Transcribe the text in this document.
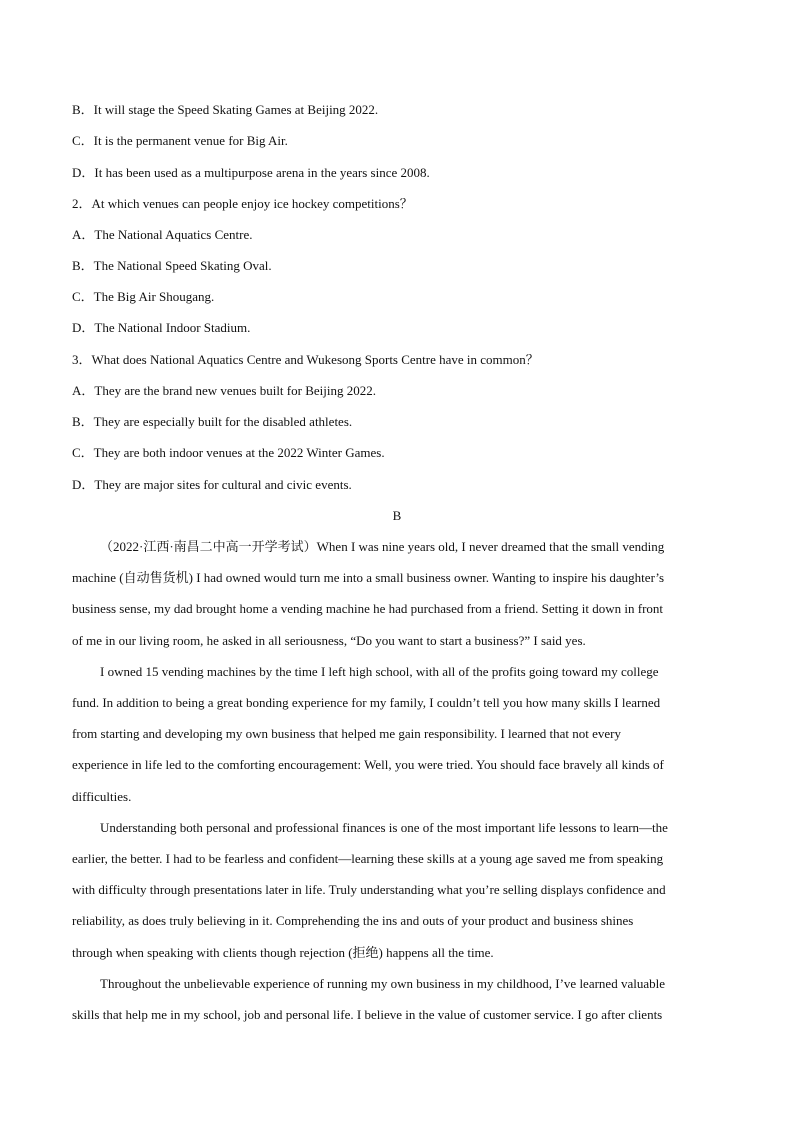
B．It will stage the Speed Skating Games at Beijing 2022.
C．It is the permanent venue for Big Air.
D．It has been used as a multipurpose arena in the years since 2008.
2．At which venues can people enjoy ice hockey competitions？
A．The National Aquatics Centre.
B．The National Speed Skating Oval.
C．The Big Air Shougang.
D．The National Indoor Stadium.
3．What does National Aquatics Centre and Wukesong Sports Centre have in common？
A．They are the brand new venues built for Beijing 2022.
B．They are especially built for the disabled athletes.
C．They are both indoor venues at the 2022 Winter Games.
D．They are major sites for cultural and civic events.
B
（2022·江西·南昌二中高一开学考试）When I was nine years old, I never dreamed that the small vending
machine (自动售货机) I had owned would turn me into a small business owner. Wanting to inspire his daughter’s
business sense, my dad brought home a vending machine he had purchased from a friend. Setting it down in front
of me in our living room, he asked in all seriousness, “Do you want to start a business?” I said yes.
I owned 15 vending machines by the time I left high school, with all of the profits going toward my college
fund. In addition to being a great bonding experience for my family, I couldn’t tell you how many skills I learned
from starting and developing my own business that helped me gain responsibility. I learned that not every
experience in life led to the comforting encouragement: Well, you were tried. You should face bravely all kinds of
difficulties.
Understanding both personal and professional finances is one of the most important life lessons to learn—the
earlier, the better. I had to be fearless and confident—learning these skills at a young age saved me from speaking
with difficulty through presentations later in life. Truly understanding what you’re selling displays confidence and
reliability, as does truly believing in it. Comprehending the ins and outs of your product and business shines
through when speaking with clients though rejection (拒绝) happens all the time.
Throughout the unbelievable experience of running my own business in my childhood, I’ve learned valuable
skills that help me in my school, job and personal life. I believe in the value of customer service. I go after clients
